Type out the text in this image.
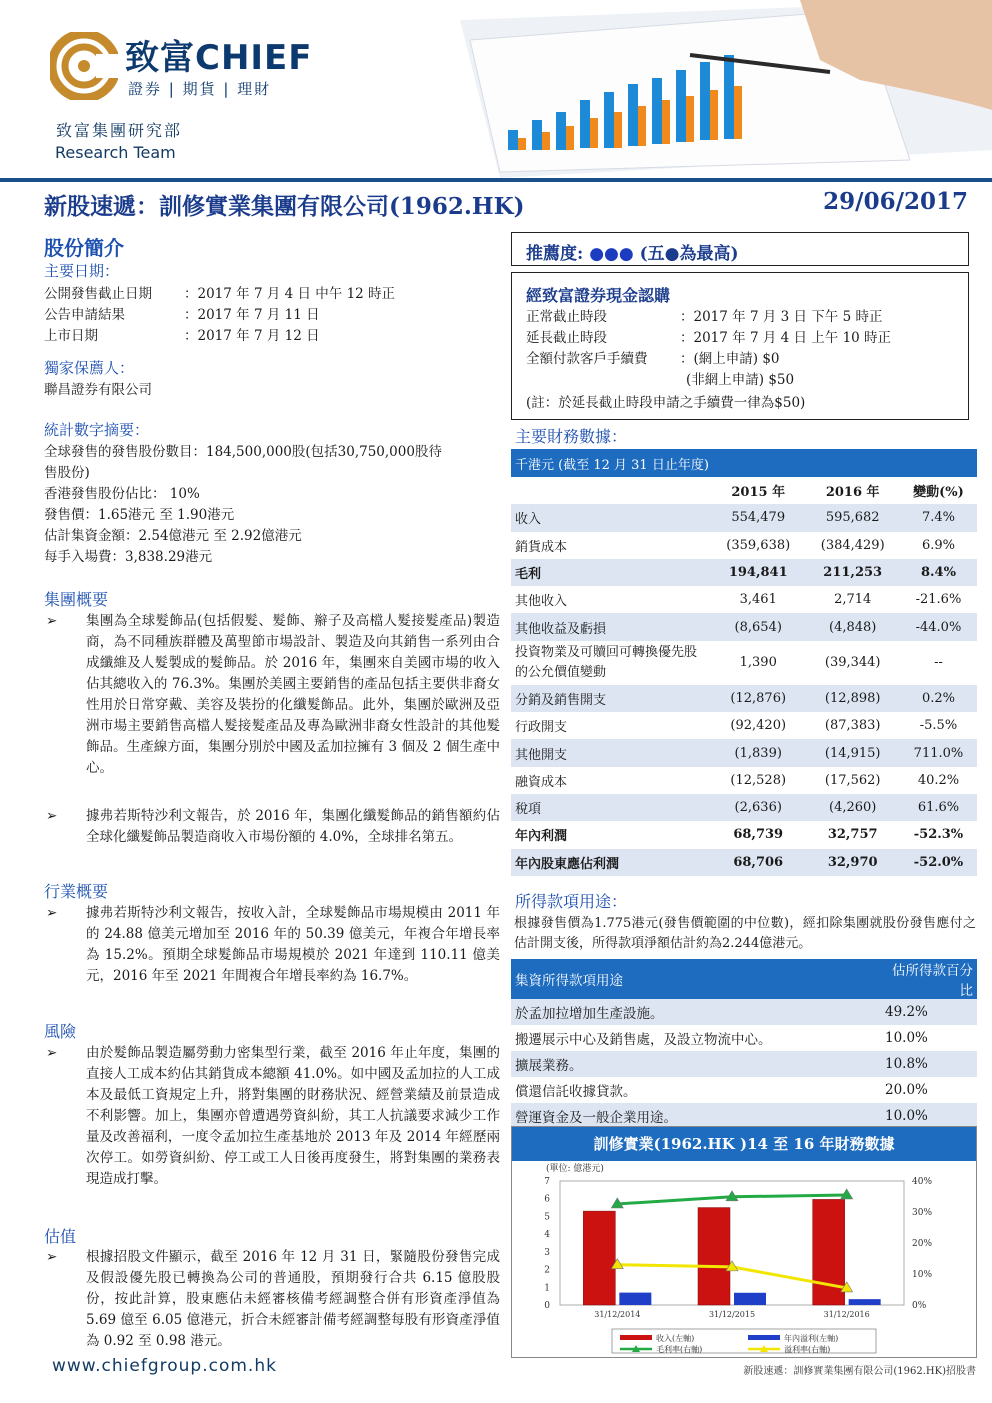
致富CHIEF
證券 | 期貨 | 理財
致富集團研究部
Research Team
新股速遞：訓修實業集團有限公司(1962.HK)	29/06/2017
股份簡介
主要日期：
公開發售截止日期	：2017 年 7 月 4 日 中午 12 時正
公告申請結果	：2017 年 7 月 11 日
上市日期	：2017 年 7 月 12 日
獨家保薦人：
聯昌證券有限公司
統計數字摘要：
全球發售的發售股份數目：184,500,000股(包括30,750,000股待
售股份)
香港發售股份佔比： 10%
發售價：1.65港元 至 1.90港元
估計集資金額：2.54億港元 至 2.92億港元
每手入場費：3,838.29港元
集團概要
➢ 集團為全球髮飾品(包括假髮、髮飾、辮子及高檔人髮接髮產品)製造商，為不同種族群體及萬聖節市場設計、製造及向其銷售一系列由合成纖維及人髮製成的髮飾品。於 2016 年，集團來自美國市場的收入佔其總收入的 76.3%。集團於美國主要銷售的產品包括主要供非裔女性用於日常穿戴、美容及裝扮的化纖髮飾品。此外，集團於歐洲及亞洲市場主要銷售高檔人髮接髮產品及專為歐洲非裔女性設計的其他髮飾品。生產線方面，集團分別於中國及孟加拉擁有 3 個及 2 個生產中心。
➢ 據弗若斯特沙利文報告，於 2016 年，集團化纖髮飾品的銷售額約佔全球化纖髮飾品製造商收入市場份額的 4.0%，全球排名第五。
行業概要
➢ 據弗若斯特沙利文報告，按收入計，全球髮飾品市場規模由 2011 年的 24.88 億美元增加至 2016 年的 50.39 億美元，年複合年增長率為 15.2%。預期全球髮飾品市場規模於 2021 年達到 110.11 億美元，2016 年至 2021 年間複合年增長率約為 16.7%。
風險
➢ 由於髮飾品製造屬勞動力密集型行業，截至 2016 年止年度，集團的直接人工成本約佔其銷貨成本總額 41.0%。如中國及孟加拉的人工成本及最低工資規定上升，將對集團的財務狀況、經營業績及前景造成不利影響。加上，集團亦曾遭遇勞資糾紛，其工人抗議要求減少工作量及改善福利，一度令孟加拉生產基地於 2013 年及 2014 年經歷兩次停工。如勞資糾紛、停工或工人日後再度發生，將對集團的業務表現造成打擊。
估值
➢ 根據招股文件顯示，截至 2016 年 12 月 31 日，緊隨股份發售完成及假設優先股已轉換為公司的普通股，預期發行合共 6.15 億股股份，按此計算，股東應佔未經審核備考經調整合併有形資產淨值為 5.69 億至 6.05 億港元，折合未經審計備考經調整每股有形資產淨值為 0.92 至 0.98 港元。
推薦度: ●●● (五●為最高)
經致富證券現金認購
正常截止時段	：2017 年 7 月 3 日 下午 5 時正
延長截止時段	：2017 年 7 月 4 日 上午 10 時正
全額付款客戶手續費	：(網上申請) $0
(非網上申請) $50
(註：於延長截止時段申請之手續費一律為$50)
主要財務數據：
千港元 (截至 12 月 31 日止年度)			
	2015 年	2016 年	變動(%)
收入	554,479	595,682	7.4%
銷貨成本	(359,638)	(384,429)	6.9%
毛利	194,841	211,253	8.4%
其他收入	3,461	2,714	-21.6%
其他收益及虧損	(8,654)	(4,848)	-44.0%
投資物業及可贖回可轉換優先股的公允價值變動	1,390	(39,344)	--
分銷及銷售開支	(12,876)	(12,898)	0.2%
行政開支	(92,420)	(87,383)	-5.5%
其他開支	(1,839)	(14,915)	711.0%
融資成本	(12,528)	(17,562)	40.2%
稅項	(2,636)	(4,260)	61.6%
年內利潤	68,739	32,757	-52.3%
年內股東應佔利潤	68,706	32,970	-52.0%
所得款項用途：
根據發售價為1.775港元(發售價範圍的中位數)，經扣除集團就股份發售應付之估計開支後，所得款項淨額估計約為2.244億港元。
集資所得款項用途	估所得款百分比
於孟加拉增加生產設施。	49.2%
搬遷展示中心及銷售處，及設立物流中心。	10.0%
擴展業務。	10.8%
償還信託收據貸款。	20.0%
營運資金及一般企業用途。	10.0%
訓修實業(1962.HK )14 至 16 年財務數據
(單位: 億港元)
0
1
2
3
4
5
6
7
0%
10%
20%
30%
40%
31/12/2014	31/12/2015	31/12/2016
收入(左軸)	年內溢利(左軸)
毛利率(右軸)	溢利率(右軸)
www.chiefgroup.com.hk	新股速遞：訓修實業集團有限公司(1962.HK)招股書
